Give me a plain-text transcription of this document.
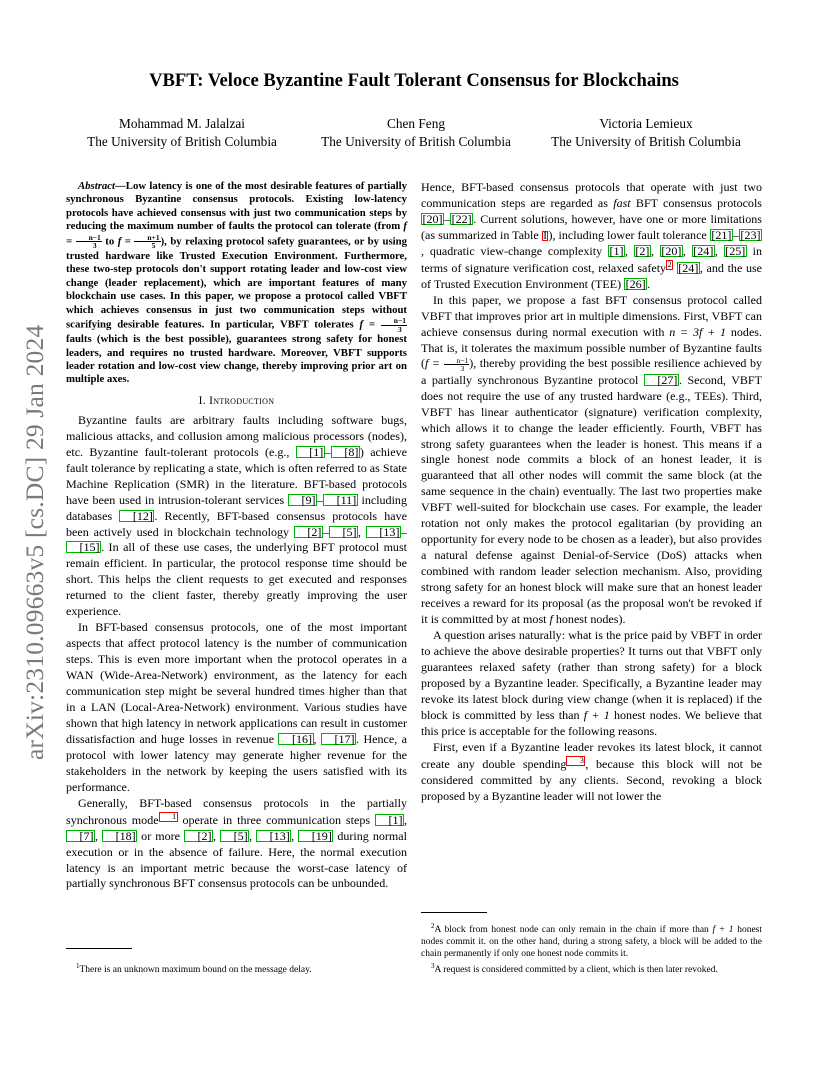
arXiv:2310.09663v5 [cs.DC] 29 Jan 2024
VBFT: Veloce Byzantine Fault Tolerant Consensus for Blockchains
Mohammad M. Jalalzai
The University of British Columbia
Chen Feng
The University of British Columbia
Victoria Lemieux
The University of British Columbia

Abstract—Low latency is one of the most desirable features of partially synchronous Byzantine consensus protocols. Existing low-latency protocols have achieved consensus with just two communication steps by reducing the maximum number of faults the protocol can tolerate (from $f = \frac{n-1}{3}$ to $f = \frac{n+1}{5}$ ), by relaxing protocol safety guarantees, or by using trusted hardware like Trusted Execution Environment. Furthermore, these two-step protocols don't support rotating leader and low-cost view change (leader replacement), which are important features of many blockchain use cases. In this paper, we propose a protocol called VBFT which achieves consensus in just two communication steps without scarifying desirable features. In particular, VBFT tolerates $f = \frac{n-1}{3}$
faults (which is the best possible), guarantees strong safety for honest leaders, and requires no trusted hardware. Moreover, VBFT supports leader rotation and low-cost view change, thereby improving prior art on multiple axes.

I. Introduction

Byzantine faults are arbitrary faults including software bugs, malicious attacks, and collusion among malicious processors (nodes), etc. Byzantine fault-tolerant protocols (e.g., [1] – [8] ) achieve fault tolerance by replicating a state, which is often referred to as State Machine Replication (SMR) in the literature. BFT-based protocols have been used in intrusion-tolerant services [9] – [11] including databases [12] . Recently, BFT-based consensus protocols have been actively used in blockchain technology [2] – [5] , [13] –[15] . In all of these use cases, the underlying BFT protocol must remain efficient. In particular, the protocol response time should be short. This helps the client requests to get executed and responses returned to the client faster, thereby greatly improving the user experience.

In BFT-based consensus protocols, one of the most important aspects that affect protocol latency is the number of communication steps. This is even more important when the protocol operates in a WAN (Wide-Area-Network) environment, as the latency for each communication step might be several hundred times higher than that in a LAN (Local-Area-Network) environment. Various studies have shown that high latency in network applications can result in customer dissatisfaction and huge losses in revenue [16] , [17] . Hence, a protocol with lower latency may generate higher revenue for the stakeholders in the network by keeping the users satisfied with its performance.

Generally, BFT-based consensus protocols in the partially synchronous mode 1 operate in three communication steps [1] , [7] , [18] or more [2] , [5] , [13] , [19] during normal execution or in the absence of failure. Here, the normal execution latency is an important metric because the worst-case latency of partially synchronous BFT consensus protocols can be unbounded.

Hence, BFT-based consensus protocols that operate with just two communication steps are regarded as fast BFT consensus protocols [20] – [22] . Current solutions, however, have one or more limitations (as summarized in Table I ), including lower fault tolerance [21] – [23], quadratic view-change complexity [1] , [2] , [20] , [24] , [25] in terms of signature verification cost, relaxed safety 2 [24] , and the use of Trusted Execution Environment (TEE) [26] .

In this paper, we propose a fast BFT consensus protocol called VBFT that improves prior art in multiple dimensions. First, VBFT can achieve consensus during normal execution with n = 3f + 1 nodes. That is, it tolerates the maximum possible number of Byzantine faults ($f = \frac{n-1}{3}$ ), thereby providing the best possible resilience achieved by a partially synchronous Byzantine protocol [27] . Second, VBFT does not require the use of any trusted hardware (e.g., TEEs). Third, VBFT has linear authenticator (signature) verification complexity, which allows it to change the leader efficiently. Fourth, VBFT has strong safety guarantees when the leader is honest. This means if a single honest node commits a block of an honest leader, it is guaranteed that all other nodes will commit the same block (at the same sequence in the chain) eventually. The last two properties make VBFT well-suited for blockchain use cases. For example, the leader rotation not only makes the protocol egalitarian (by providing an opportunity for every node to be chosen as a leader), but also provides a natural defense against Denial-of-Service (DoS) attacks when combined with random leader selection mechanism. Also, providing strong safety for an honest block will make sure that an honest leader receives a reward for its proposal (as the proposal won't be revoked if it is committed by at most f honest nodes).

A question arises naturally: what is the price paid by VBFT in order to achieve the above desirable properties? It turns out that VBFT only guarantees relaxed safety (rather than strong safety) for a block proposed by a Byzantine leader. Specifically, a Byzantine leader may revoke its latest block during view change (when it is replaced) if the block is committed by less than f + 1 honest nodes. We believe that this price is acceptable for the following reasons.

First, even if a Byzantine leader revokes its latest block, it cannot create any double spending 3 , because this block will not be considered committed by any clients. Second, revoking a block proposed by a Byzantine leader will not lower the

$^1$There is an unknown maximum bound on the message delay.

$^2$A block from honest node can only remain in the chain if more than f + 1 honest nodes commit it. on the other hand, during a strong safety, a block will be added to the chain permanently if only one honest node commits it.

$^3$A request is considered committed by a client, which is then later revoked.
